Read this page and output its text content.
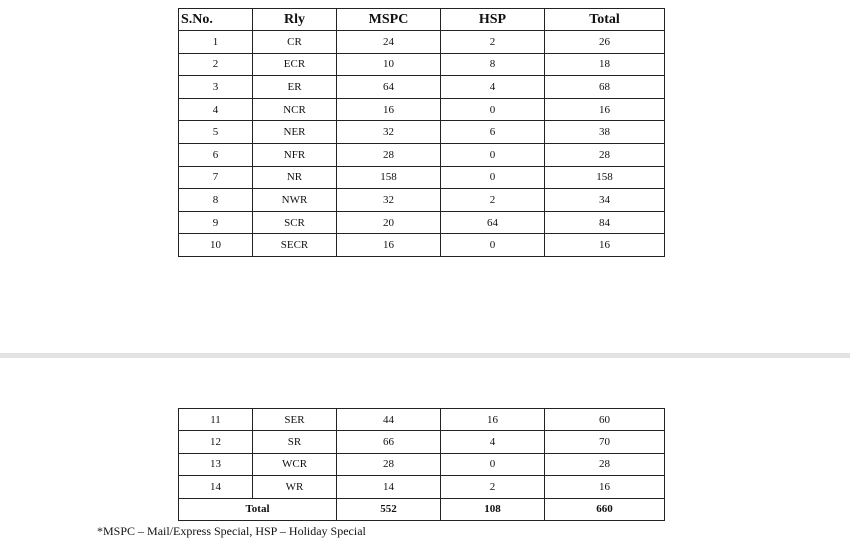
S.No.	Rly	MSPC	HSP	Total
1	CR	24	2	26
2	ECR	10	8	18
3	ER	64	4	68
4	NCR	16	0	16
5	NER	32	6	38
6	NFR	28	0	28
7	NR	158	0	158
8	NWR	32	2	34
9	SCR	20	64	84
10	SECR	16	0	16
11	SER	44	16	60
12	SR	66	4	70
13	WCR	28	0	28
14	WR	14	2	16
Total		552	108	660
*MSPC – Mail/Express Special, HSP – Holiday Special
